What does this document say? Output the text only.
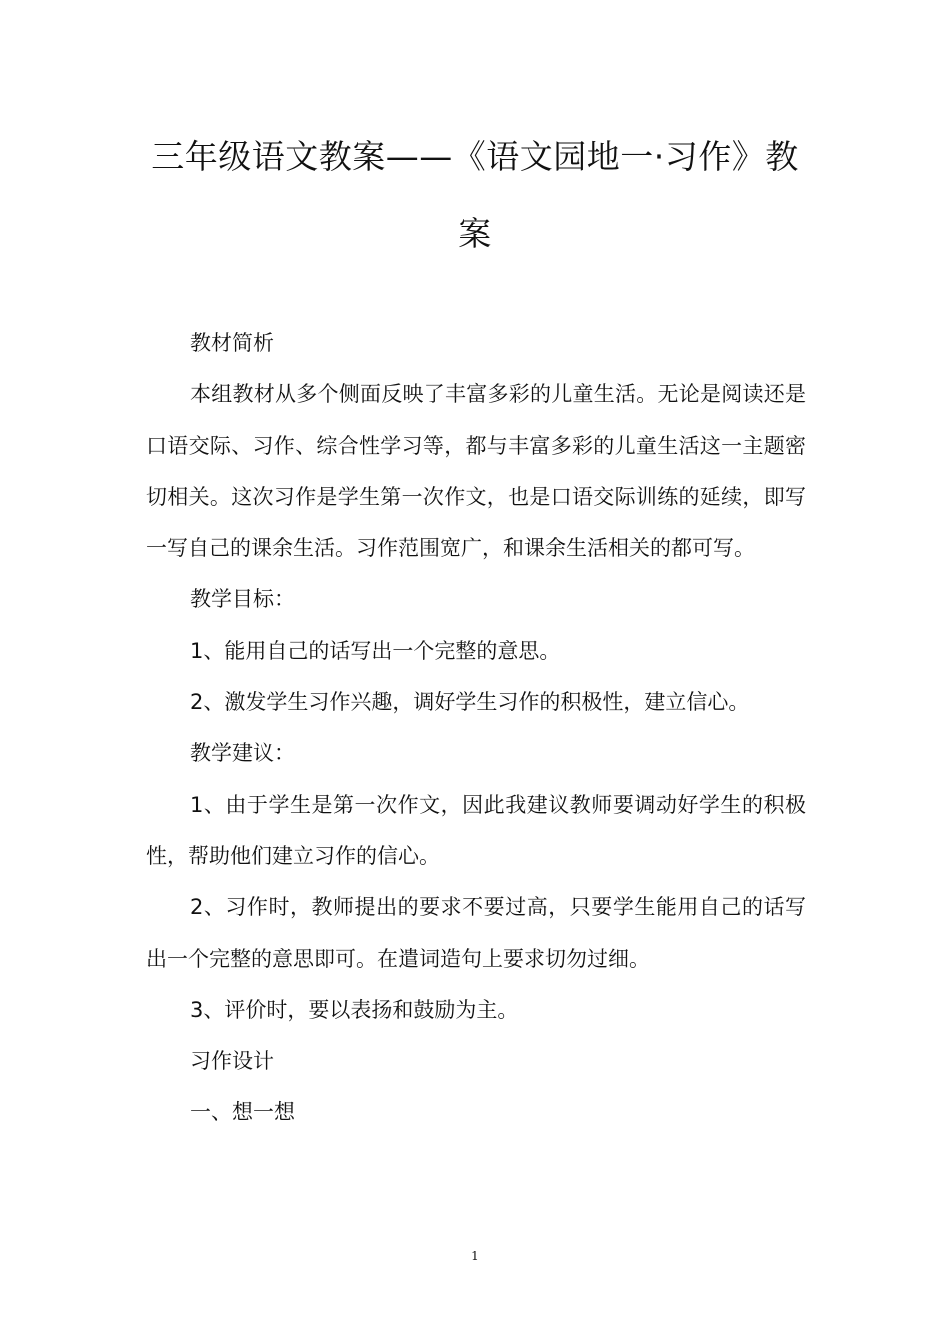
三年级语文教案——《语文园地一·习作》教案

教材简析

本组教材从多个侧面反映了丰富多彩的儿童生活。无论是阅读还是口语交际、习作、综合性学习等，都与丰富多彩的儿童生活这一主题密切相关。这次习作是学生第一次作文，也是口语交际训练的延续，即写一写自己的课余生活。习作范围宽广，和课余生活相关的都可写。

教学目标：

1、能用自己的话写出一个完整的意思。

2、激发学生习作兴趣，调好学生习作的积极性，建立信心。

教学建议：

1、由于学生是第一次作文，因此我建议教师要调动好学生的积极性，帮助他们建立习作的信心。

2、习作时，教师提出的要求不要过高，只要学生能用自己的话写出一个完整的意思即可。在遣词造句上要求切勿过细。

3、评价时，要以表扬和鼓励为主。

习作设计

一、想一想

1
